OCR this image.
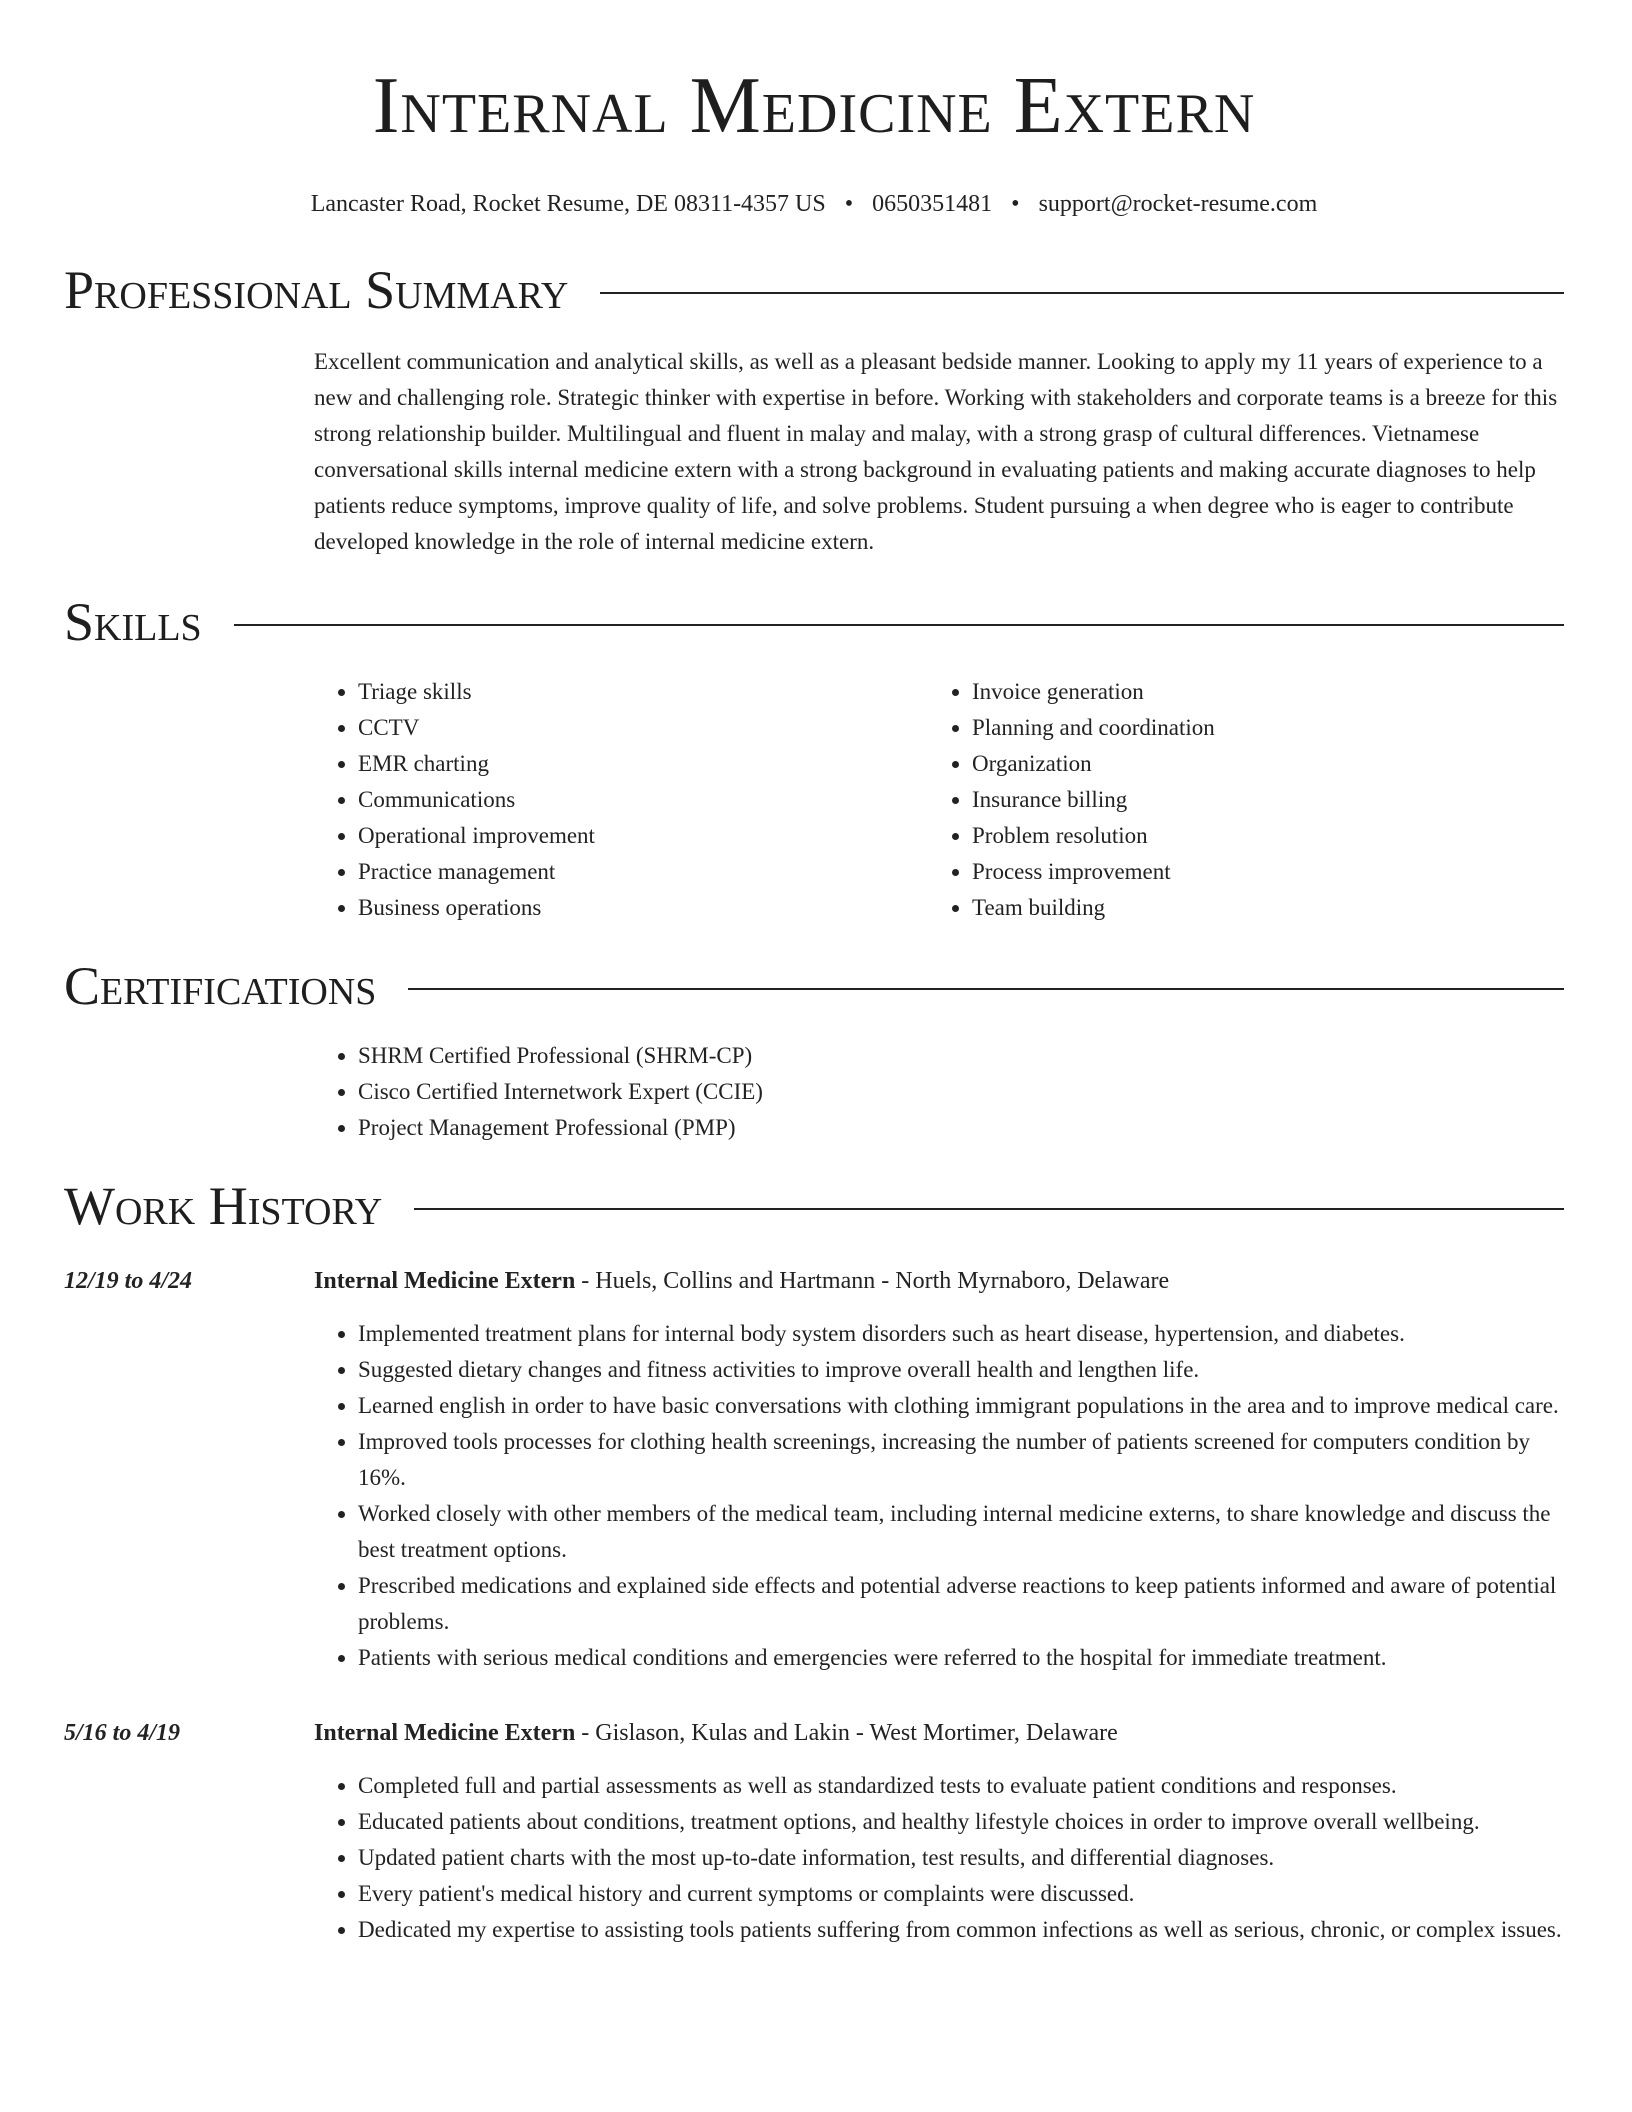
Internal Medicine Extern
Lancaster Road, Rocket Resume, DE 08311-4357 US • 0650351481 • support@rocket-resume.com
Professional Summary
Excellent communication and analytical skills, as well as a pleasant bedside manner. Looking to apply my 11 years of experience to a new and challenging role. Strategic thinker with expertise in before. Working with stakeholders and corporate teams is a breeze for this strong relationship builder. Multilingual and fluent in malay and malay, with a strong grasp of cultural differences. Vietnamese conversational skills internal medicine extern with a strong background in evaluating patients and making accurate diagnoses to help patients reduce symptoms, improve quality of life, and solve problems. Student pursuing a when degree who is eager to contribute developed knowledge in the role of internal medicine extern.
Skills
• Triage skills
• CCTV
• EMR charting
• Communications
• Operational improvement
• Practice management
• Business operations
• Invoice generation
• Planning and coordination
• Organization
• Insurance billing
• Problem resolution
• Process improvement
• Team building
Certifications
• SHRM Certified Professional (SHRM-CP)
• Cisco Certified Internetwork Expert (CCIE)
• Project Management Professional (PMP)
Work History
12/19 to 4/24	Internal Medicine Extern - Huels, Collins and Hartmann - North Myrnaboro, Delaware
• Implemented treatment plans for internal body system disorders such as heart disease, hypertension, and diabetes.
• Suggested dietary changes and fitness activities to improve overall health and lengthen life.
• Learned english in order to have basic conversations with clothing immigrant populations in the area and to improve medical care.
• Improved tools processes for clothing health screenings, increasing the number of patients screened for computers condition by 16%.
• Worked closely with other members of the medical team, including internal medicine externs, to share knowledge and discuss the best treatment options.
• Prescribed medications and explained side effects and potential adverse reactions to keep patients informed and aware of potential problems.
• Patients with serious medical conditions and emergencies were referred to the hospital for immediate treatment.
5/16 to 4/19	Internal Medicine Extern - Gislason, Kulas and Lakin - West Mortimer, Delaware
• Completed full and partial assessments as well as standardized tests to evaluate patient conditions and responses.
• Educated patients about conditions, treatment options, and healthy lifestyle choices in order to improve overall wellbeing.
• Updated patient charts with the most up-to-date information, test results, and differential diagnoses.
• Every patient's medical history and current symptoms or complaints were discussed.
• Dedicated my expertise to assisting tools patients suffering from common infections as well as serious, chronic, or complex issues.
